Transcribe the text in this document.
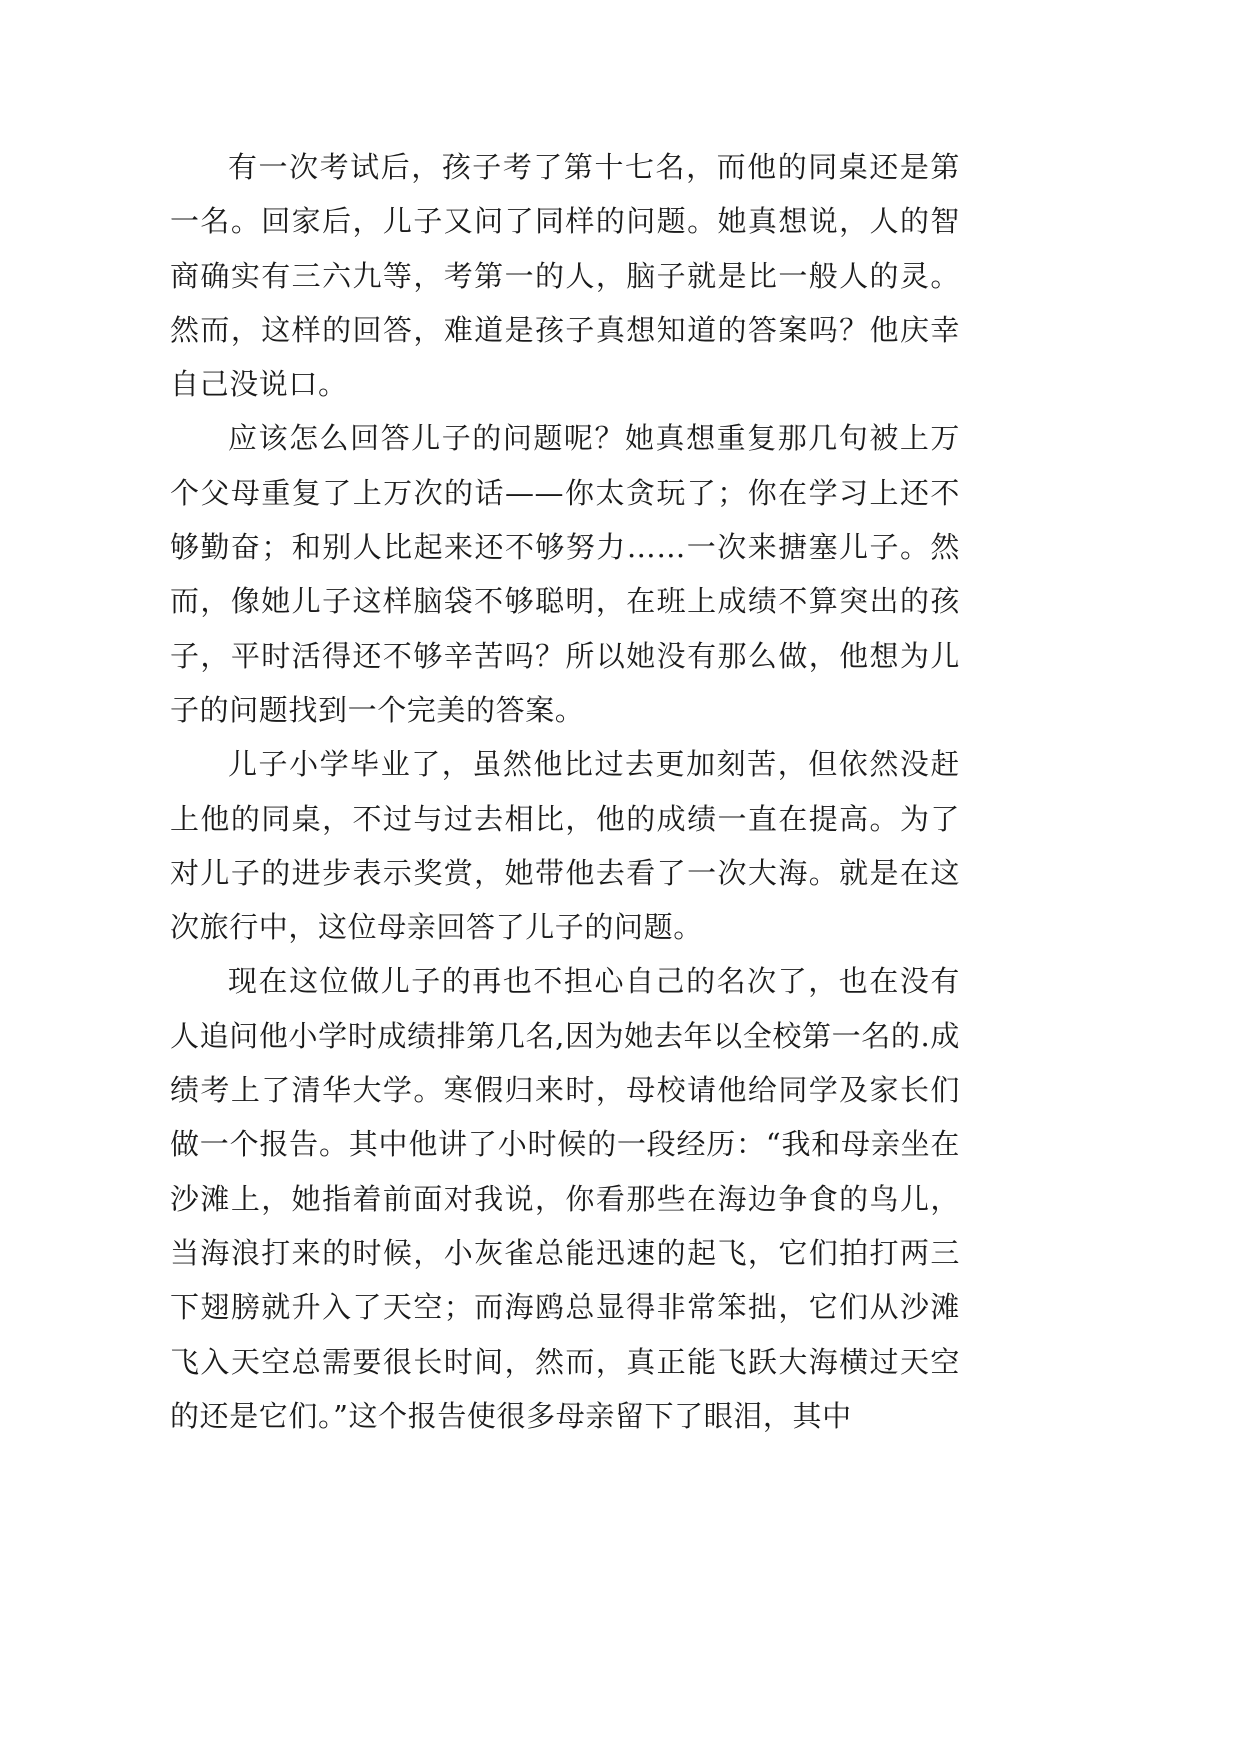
有一次考试后，孩子考了第十七名，而他的同桌还是第一名。回家后，儿子又问了同样的问题。她真想说，人的智商确实有三六九等，考第一的人，脑子就是比一般人的灵。然而，这样的回答，难道是孩子真想知道的答案吗？他庆幸自己没说口。

应该怎么回答儿子的问题呢？她真想重复那几句被上万个父母重复了上万次的话——你太贪玩了；你在学习上还不够勤奋；和别人比起来还不够努力……一次来搪塞儿子。然而，像她儿子这样脑袋不够聪明，在班上成绩不算突出的孩子，平时活得还不够辛苦吗？所以她没有那么做，他想为儿子的问题找到一个完美的答案。

儿子小学毕业了，虽然他比过去更加刻苦，但依然没赶上他的同桌，不过与过去相比，他的成绩一直在提高。为了对儿子的进步表示奖赏，她带他去看了一次大海。就是在这次旅行中，这位母亲回答了儿子的问题。

现在这位做儿子的再也不担心自己的名次了，也在没有人追问他小学时成绩排第几名,因为她去年以全校第一名的.成绩考上了清华大学。寒假归来时，母校请他给同学及家长们做一个报告。其中他讲了小时候的一段经历：“我和母亲坐在沙滩上，她指着前面对我说，你看那些在海边争食的鸟儿，当海浪打来的时候，小灰雀总能迅速的起飞，它们拍打两三下翅膀就升入了天空；而海鸥总显得非常笨拙，它们从沙滩飞入天空总需要很长时间，然而，真正能飞跃大海横过天空的还是它们。”这个报告使很多母亲留下了眼泪，其中
